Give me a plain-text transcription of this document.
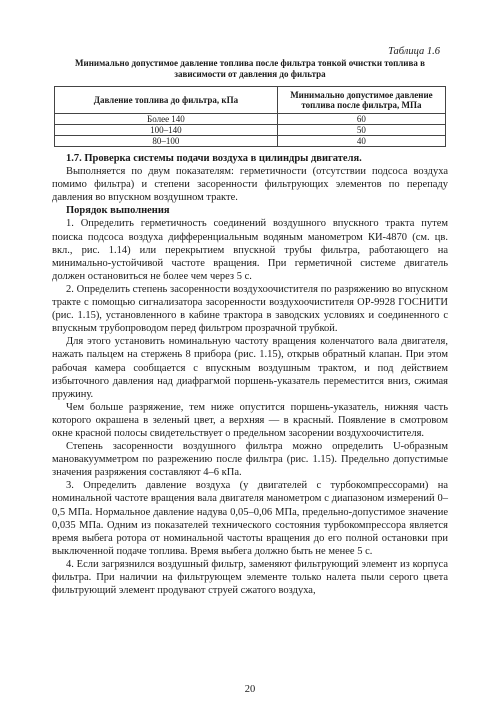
Таблица 1.6
Минимально допустимое давление топлива после фильтра тонкой очистки топлива в зависимости от давления до фильтра
Давление топлива до фильтра, кПа	Минимально допустимое давление топлива после фильтра, МПа
Более 140	60
100–140	50
80–100	40

1.7. Проверка системы подачи воздуха в цилиндры двигателя.

Выполняется по двум показателям: герметичности (отсутствии подсоса воздуха помимо фильтра) и степени засоренности фильтрующих элементов по перепаду давления во впускном воздушном тракте.

Порядок выполнения

1. Определить герметичность соединений воздушного впускного тракта путем поиска подсоса воздуха дифференциальным водяным манометром КИ-4870 (см. цв. вкл., рис. 1.14) или перекрытием впускной трубы фильтра, работающего на минимально-устойчивой частоте вращения. При герметичной системе двигатель должен остановиться не более чем через 5 с.

2. Определить степень засоренности воздухоочистителя по разряжению во впускном тракте с помощью сигнализатора засоренности воздухоочистителя ОР-9928 ГОСНИТИ (рис. 1.15), установленного в кабине трактора в заводских условиях и соединенного с впускным трубопроводом перед фильтром прозрачной трубкой.

Для этого установить номинальную частоту вращения коленчатого вала двигателя, нажать пальцем на стержень 8 прибора (рис. 1.15), открыв обратный клапан. При этом рабочая камера сообщается с впускным воздушным трактом, и под действием избыточного давления над диафрагмой поршень-указатель перемеcтится вниз, сжимая пружину.

Чем больше разряжение, тем ниже опустится поршень-указатель, нижняя часть которого окрашена в зеленый цвет, а верхняя — в красный. Появление в смотровом окне красной полосы свидетельствует о предельном засорении воздухоочистителя.

Степень засоренности воздушного фильтра можно определить U-образным мановакуумметром по разрежению после фильтра (рис. 1.15). Предельно допустимые значения разряжения составляют 4–6 кПа.

3. Определить давление воздуха (у двигателей с турбокомпрессорами) на номинальной частоте вращения вала двигателя манометром с диапазоном измерений 0–0,5 МПа. Нормальное давление надува 0,05–0,06 МПа, предельно-допустимое значение 0,035 МПа. Одним из показателей технического состояния турбокомпрессора является время выбега ротора от номинальной частоты вращения до его полной остановки при выключенной подаче топлива. Время выбега должно быть не менее 5 с.

4. Если загрязнился воздушный фильтр, заменяют фильтрующий элемент из корпуса фильтра. При наличии на фильтрующем элементе только налета пыли серого цвета фильтрующий элемент продувают струей сжатого воздуха,

20
